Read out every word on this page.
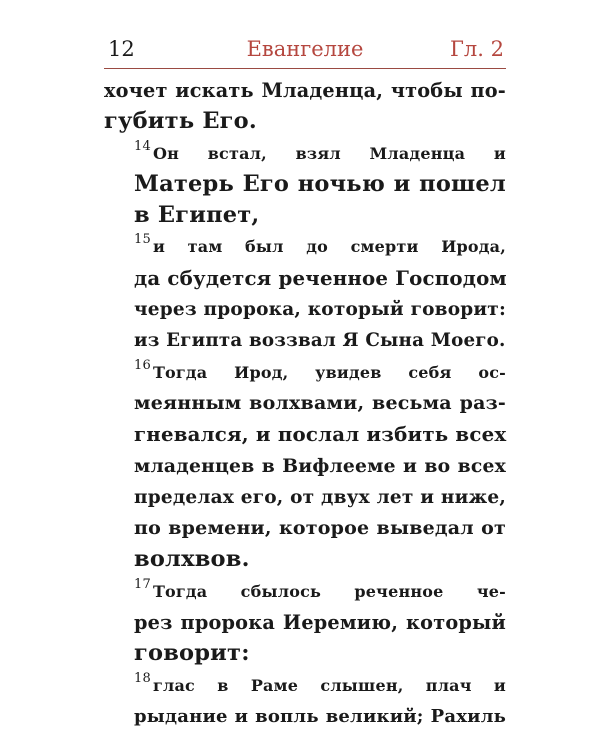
12	Евангелие	Гл. 2

хочет искать Младенца, чтобы по-
губить Его.

$^{14}$ Он встал, взял Младенца и
Матерь Его ночью и пошел
в Египет,

$^{15}$ и там был до смерти Ирода,
да сбудется реченное Господом
через пророка, который говорит:
из Египта воззвал Я Сына Моего.

$^{16}$ Тогда Ирод, увидев себя ос-
меянным волхвами, весьма раз-
гневался, и послал избить всех
младенцев в Вифлееме и во всех
пределах его, от двух лет и ниже,
по времени, которое выведал от
волхвов.

$^{17}$ Тогда сбылось реченное че-
рез пророка Иеремию, который
говорит:

$^{18}$ глас в Раме слышен, плач и
рыдание и вопль великий; Рахиль
